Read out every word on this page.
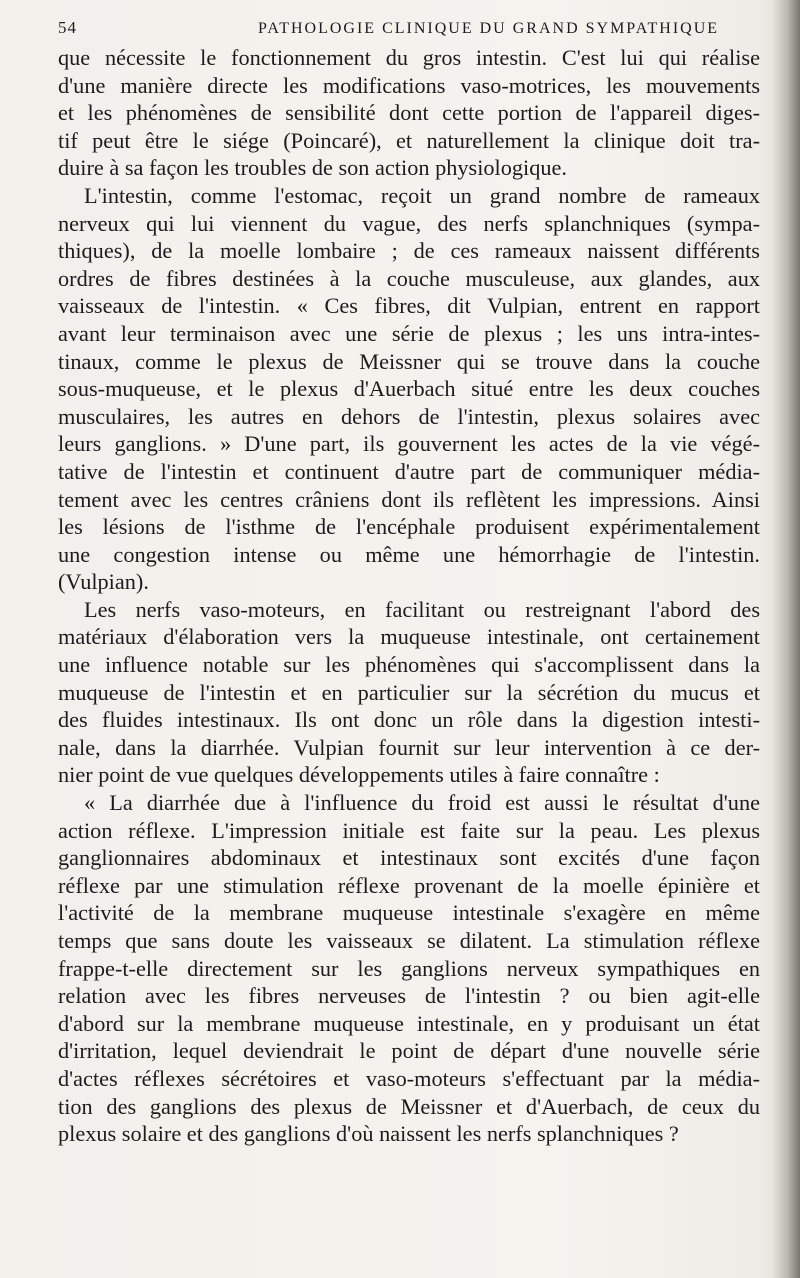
54	PATHOLOGIE CLINIQUE DU GRAND SYMPATHIQUE
que nécessite le fonctionnement du gros intestin. C'est lui qui réalise
d'une manière directe les modifications vaso-motrices, les mouvements
et les phénomènes de sensibilité dont cette portion de l'appareil diges-
tif peut être le siége (Poincaré), et naturellement la clinique doit tra-
duire à sa façon les troubles de son action physiologique.
L'intestin, comme l'estomac, reçoit un grand nombre de rameaux
nerveux qui lui viennent du vague, des nerfs splanchniques (sympa-
thiques), de la moelle lombaire ; de ces rameaux naissent différents
ordres de fibres destinées à la couche musculeuse, aux glandes, aux
vaisseaux de l'intestin. « Ces fibres, dit Vulpian, entrent en rapport
avant leur terminaison avec une série de plexus ; les uns intra-intes-
tinaux, comme le plexus de Meissner qui se trouve dans la couche
sous-muqueuse, et le plexus d'Auerbach situé entre les deux couches
musculaires, les autres en dehors de l'intestin, plexus solaires avec
leurs ganglions. » D'une part, ils gouvernent les actes de la vie végé-
tative de l'intestin et continuent d'autre part de communiquer média-
tement avec les centres crâniens dont ils reflètent les impressions. Ainsi
les lésions de l'isthme de l'encéphale produisent expérimentalement
une congestion intense ou même une hémorrhagie de l'intestin.
(Vulpian).
Les nerfs vaso-moteurs, en facilitant ou restreignant l'abord des
matériaux d'élaboration vers la muqueuse intestinale, ont certainement
une influence notable sur les phénomènes qui s'accomplissent dans la
muqueuse de l'intestin et en particulier sur la sécrétion du mucus et
des fluides intestinaux. Ils ont donc un rôle dans la digestion intesti-
nale, dans la diarrhée. Vulpian fournit sur leur intervention à ce der-
nier point de vue quelques développements utiles à faire connaître :
« La diarrhée due à l'influence du froid est aussi le résultat d'une
action réflexe. L'impression initiale est faite sur la peau. Les plexus
ganglionnaires abdominaux et intestinaux sont excités d'une façon
réflexe par une stimulation réflexe provenant de la moelle épinière et
l'activité de la membrane muqueuse intestinale s'exagère en même
temps que sans doute les vaisseaux se dilatent. La stimulation réflexe
frappe-t-elle directement sur les ganglions nerveux sympathiques en
relation avec les fibres nerveuses de l'intestin ? ou bien agit-elle
d'abord sur la membrane muqueuse intestinale, en y produisant un état
d'irritation, lequel deviendrait le point de départ d'une nouvelle série
d'actes réflexes sécrétoires et vaso-moteurs s'effectuant par la média-
tion des ganglions des plexus de Meissner et d'Auerbach, de ceux du
plexus solaire et des ganglions d'où naissent les nerfs splanchniques ?
